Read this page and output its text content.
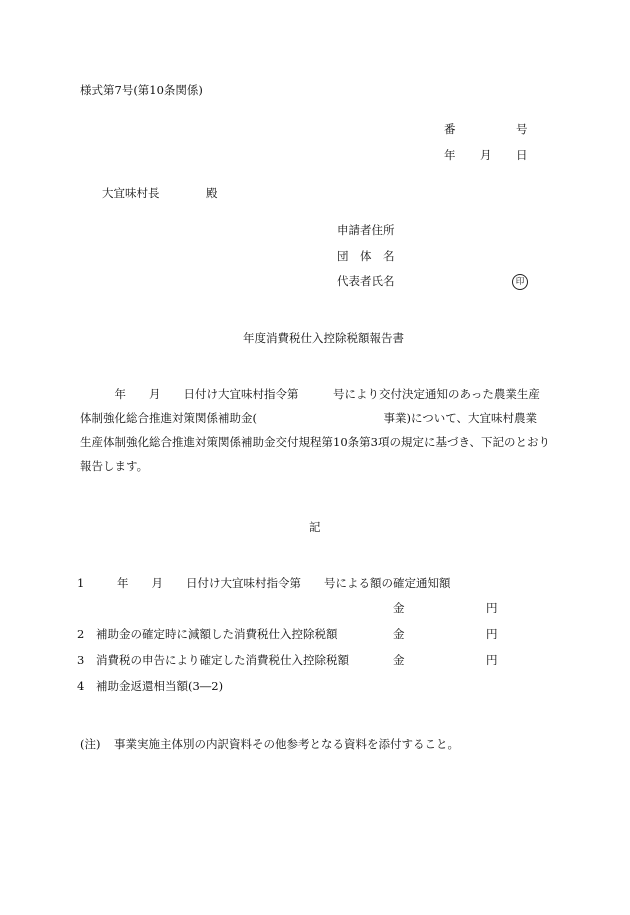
様式第7号(第10条関係)
番	号
年 月 日
大宜味村長	殿
申請者住所
団　体　名
代表者氏名	印
年度消費税仕入控除税額報告書
　　　年　　月　　日付け大宜味村指令第　　　号により交付決定通知のあった農業生産
体制強化総合推進対策関係補助金(　　　　　　　　　　　事業)について、大宜味村農業
生産体制強化総合推進対策関係補助金交付規程第10条第3項の規定に基づき、下記のとおり
報告します。
記
1 　　年　　月　　日付け大宜味村指令第　　号による額の確定通知額
金	円
2 補助金の確定時に減額した消費税仕入控除税額	金	円
3 消費税の申告により確定した消費税仕入控除税額	金	円
4 補助金返還相当額(3―2)
(注) 事業実施主体別の内訳資料その他参考となる資料を添付すること。
